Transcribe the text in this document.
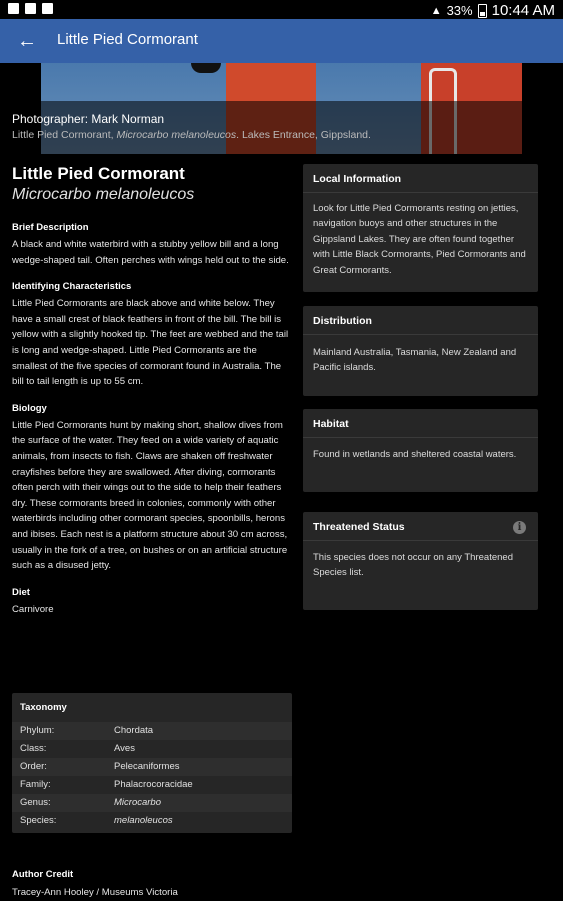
▲ 33% 10:44 AM
← Little Pied Cormorant
Photographer: Mark Norman
Little Pied Cormorant, Microcarbo melanoleucos. Lakes Entrance, Gippsland.

Little Pied Cormorant

Microcarbo melanoleucos

Brief Description

A black and white waterbird with a stubby yellow bill and a long wedge-shaped tail. Often perches with wings held out to the side.

Identifying Characteristics

Little Pied Cormorants are black above and white below. They have a small crest of black feathers in front of the bill. The bill is yellow with a slightly hooked tip. The feet are webbed and the tail is long and wedge-shaped. Little Pied Cormorants are the smallest of the five species of cormorant found in Australia. The bill to tail length is up to 55 cm.

Biology

Little Pied Cormorants hunt by making short, shallow dives from the surface of the water. They feed on a wide variety of aquatic animals, from insects to fish. Claws are shaken off freshwater crayfishes before they are swallowed. After diving, cormorants often perch with their wings out to the side to help their feathers dry. These cormorants breed in colonies, commonly with other waterbirds including other cormorant species, spoonbills, herons and ibises. Each nest is a platform structure about 30 cm across, usually in the fork of a tree, on bushes or on an artificial structure such as a disused jetty.

Diet

Carnivore

Taxonomy
Phylum:	Chordata
Class:	Aves
Order:	Pelecaniformes
Family:	Phalacrocoracidae
Genus:	Microcarbo
Species:	melanoleucos

Author Credit

Tracey-Ann Hooley / Museums Victoria

Local Information
Look for Little Pied Cormorants resting on jetties, navigation buoys and other structures in the Gippsland Lakes. They are often found together with Little Black Cormorants, Pied Cormorants and Great Cormorants.
Distribution
Mainland Australia, Tasmania, New Zealand and Pacific islands.
Habitat
Found in wetlands and sheltered coastal waters.
Threatened Status	i
This species does not occur on any Threatened Species list.
